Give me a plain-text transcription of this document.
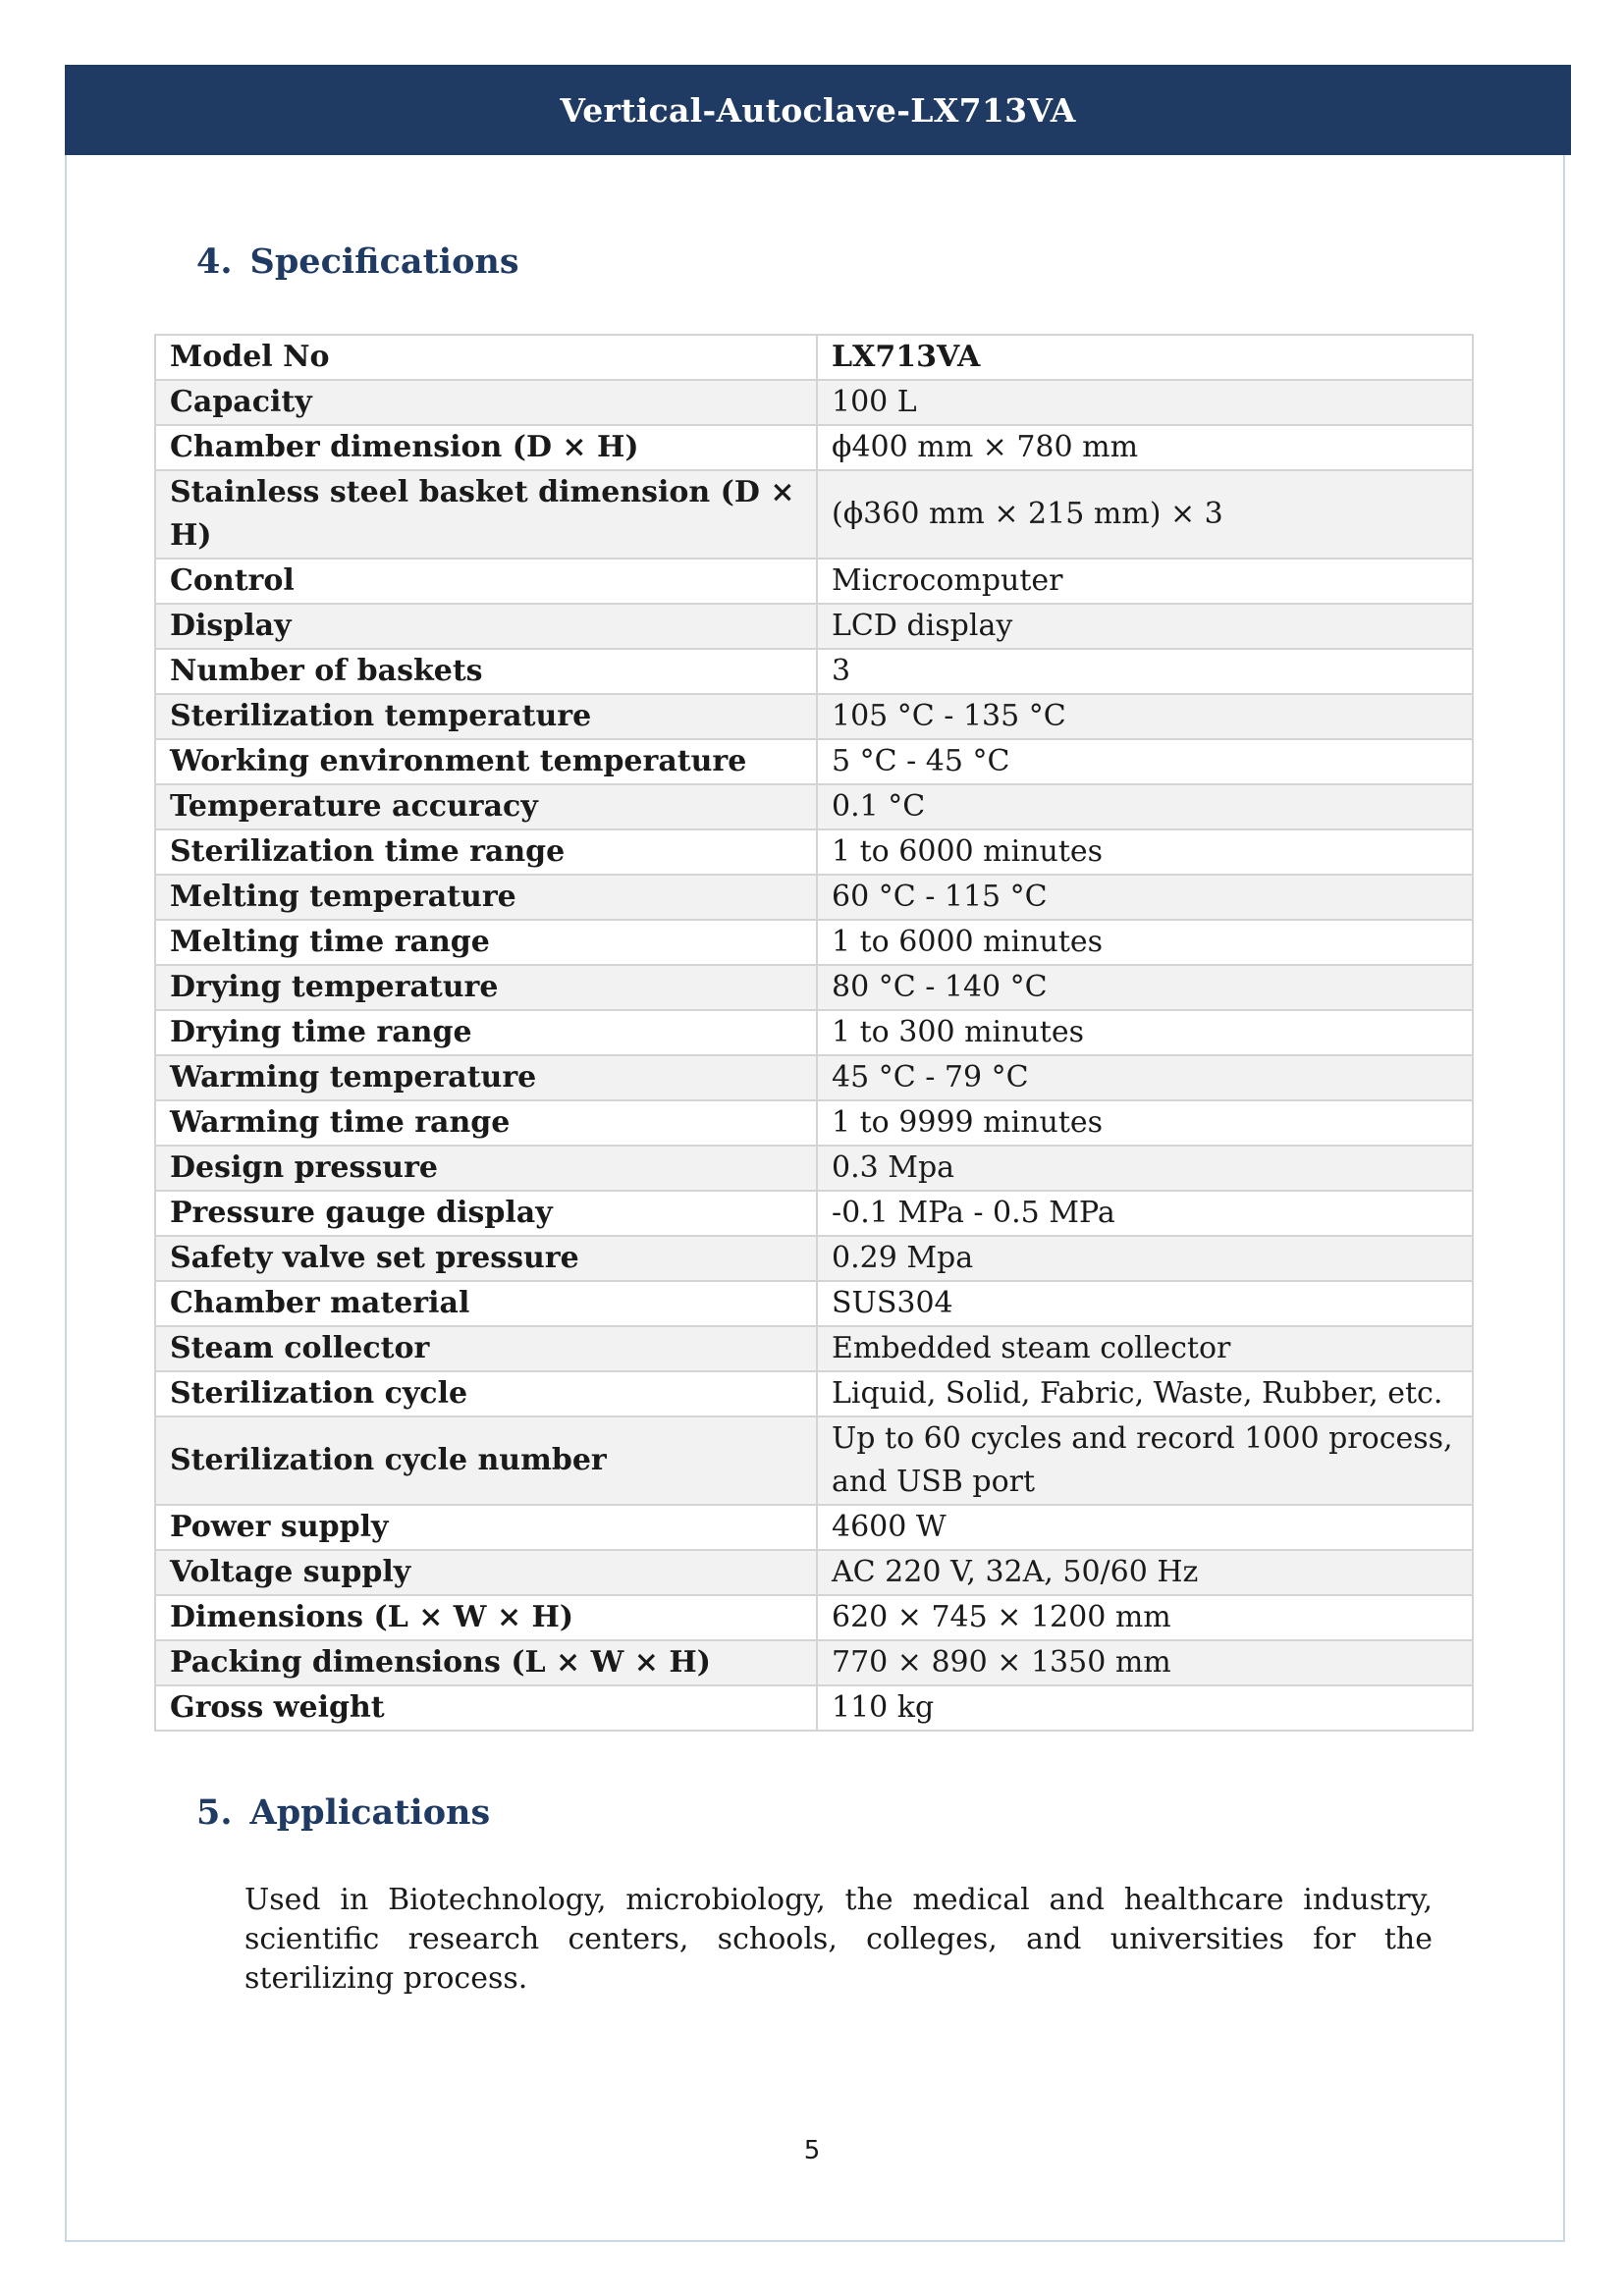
Vertical-Autoclave-LX713VA
4. Specifications
Model No	LX713VA
Capacity	100 L
Chamber dimension (D × H)	ϕ400 mm × 780 mm
Stainless steel basket dimension (D × H)	(ϕ360 mm × 215 mm) × 3
Control	Microcomputer
Display	LCD display
Number of baskets	3
Sterilization temperature	105 °C - 135 °C
Working environment temperature	5 °C - 45 °C
Temperature accuracy	0.1 °C
Sterilization time range	1 to 6000 minutes
Melting temperature	60 °C - 115 °C
Melting time range	1 to 6000 minutes
Drying temperature	80 °C - 140 °C
Drying time range	1 to 300 minutes
Warming temperature	45 °C - 79 °C
Warming time range	1 to 9999 minutes
Design pressure	0.3 Mpa
Pressure gauge display	-0.1 MPa - 0.5 MPa
Safety valve set pressure	0.29 Mpa
Chamber material	SUS304
Steam collector	Embedded steam collector
Sterilization cycle	Liquid, Solid, Fabric, Waste, Rubber, etc.
Sterilization cycle number	Up to 60 cycles and record 1000 process, and USB port
Power supply	4600 W
Voltage supply	AC 220 V, 32A, 50/60 Hz
Dimensions (L × W × H)	620 × 745 × 1200 mm
Packing dimensions (L × W × H)	770 × 890 × 1350 mm
Gross weight	110 kg
5. Applications
Used in Biotechnology, microbiology, the medical and healthcare industry, scientific research centers, schools, colleges, and universities for the sterilizing process.
5
